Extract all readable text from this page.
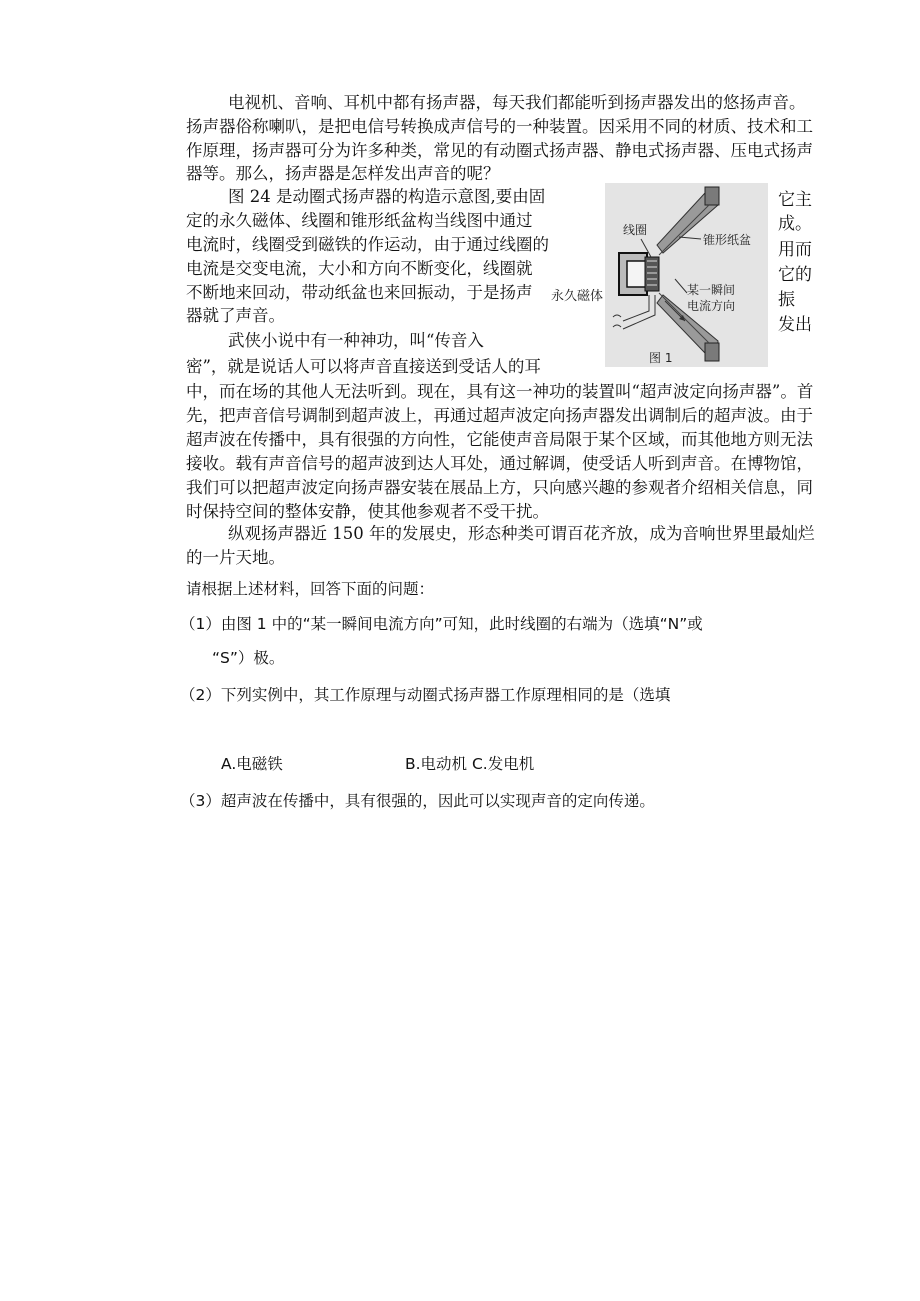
电视机、音响、耳机中都有扬声器，每天我们都能听到扬声器发出的悠扬声音。
扬声器俗称喇叭，是把电信号转换成声信号的一种装置。因采用不同的材质、技术和工
作原理，扬声器可分为许多种类，常见的有动圈式扬声器、静电式扬声器、压电式扬声
器等。那么，扬声器是怎样发出声音的呢？
图 24 是动圈式扬声器的构造示意图,要由固
定的永久磁体、线圈和锥形纸盆构当线图中通过
电流时，线圈受到磁铁的作运动，由于通过线圈的
电流是交变电流，大小和方向不断变化，线圈就
不断地来回动，带动纸盆也来回振动，于是扬声
器就了声音。
武侠小说中有一种神功，叫“传音入
密”，就是说话人可以将声音直接送到受话人的耳
中，而在场的其他人无法听到。现在，具有这一神功的装置叫“超声波定向扬声器”。首
先，把声音信号调制到超声波上，再通过超声波定向扬声器发出调制后的超声波。由于
超声波在传播中，具有很强的方向性，它能使声音局限于某个区域，而其他地方则无法
接收。载有声音信号的超声波到达人耳处，通过解调，使受话人听到声音。在博物馆，
我们可以把超声波定向扬声器安装在展品上方，只向感兴趣的参观者介绍相关信息，同
时保持空间的整体安静，使其他参观者不受干扰。
纵观扬声器近 150 年的发展史，形态种类可谓百花齐放，成为音响世界里最灿烂
的一片天地。
线圈
锥形纸盆
某一瞬间
电流方向
图 1
永久磁体
它主
成。
用而
它的
振
发出
请根据上述材料，回答下面的问题：
（1）由图 1 中的“某一瞬间电流方向”可知，此时线圈的右端为（选填“N”或
“S”）极。
（2）下列实例中，其工作原理与动圈式扬声器工作原理相同的是（选填
A.电磁铁	B.电动机 C.发电机
（3）超声波在传播中，具有很强的，因此可以实现声音的定向传递。
